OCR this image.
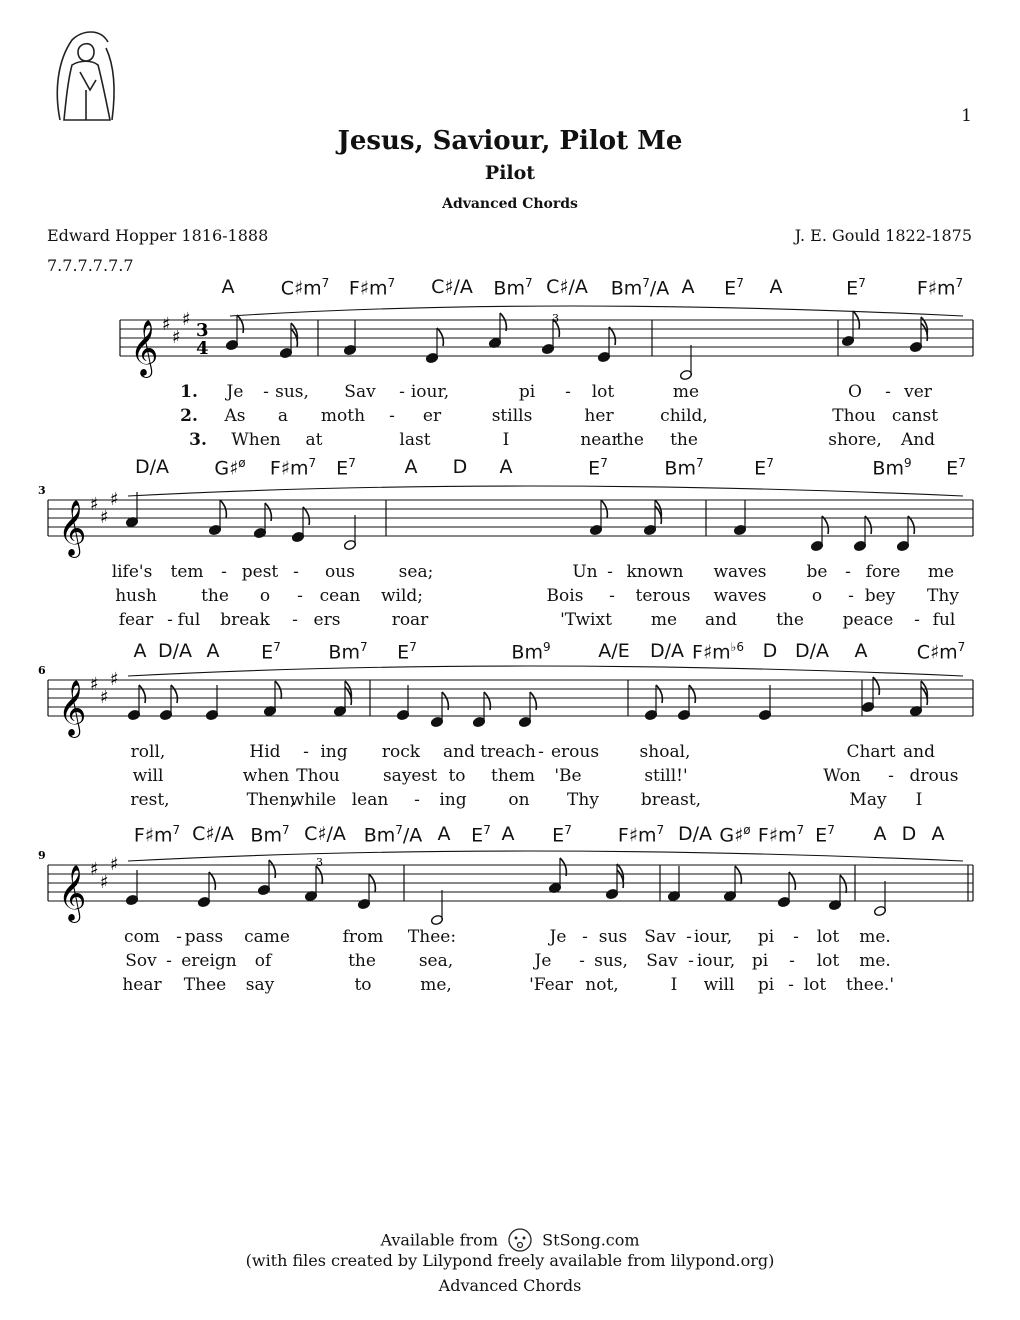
1
Jesus, Saviour, Pilot Me
Pilot
Advanced Chords
Edward Hopper 1816-1888	J. E. Gould 1822-1875
7.7.7.7.7.7
𝄞 ♯
♯
♯
3
4
𝄞 ♯
♯
♯
3
𝄞 ♯
♯
♯
6
𝄞 ♯
♯
♯
9
3
3
A $C♯m^7$ $F♯m^7$ C♯/A Bm$^7$ C♯/A Bm$^7$/A A $E^7$ A	$E^7$	$F♯m^7$
1. Je - sus, Sav - iour,	pi - lot	me	O - ver
2. As a moth - er	stills	her	child,	Thou canst
3. When at	last	I	near	the	shore, And
the
D/A G♯$^ø$ $F♯m^7$ $E^7$	A D A	$E^7$	Bm$^7$	$E^7$	Bm$^9$ $E^7$
life's tem - pest - ous	sea;	Un - known waves be - fore me
hush	the o - cean wild;	Bois - terous waves	o - bey Thy
fear - ful break - ers	roar	'Twixt me and the peace - ful
A D/A A $E^7$	Bm$^7$ $E^7$	Bm$^9$	A/E D/A $F♯m^{♭6}$ D D/A A	$C♯m^7$
roll,	Hid - ing rock and treach - erous shoal,	Chart and
will	when Thou	sayest to them 'Be	still!'	Won - drous
rest,	Then,
while lean - ing on Thy breast,	May I
$F♯m^7$ C♯/A Bm$^7$ C♯/A Bm$^7$/A A $E^7$ A $E^7$ $F♯m^7$ D/A G♯$^ø$ $F♯m^7$ $E^7$ A D A
com - pass came	from Thee:	Je - sus Sav - iour, pi - lot me.
Sov - ereign of	the	sea,	Je - sus, Sav - iour, pi - lot me.
hear Thee say	to	me,	'Fear not,	I will pi - lot thee.'
Available from	StSong.com
(with files created by Lilypond freely available from lilypond.org)
Advanced Chords
